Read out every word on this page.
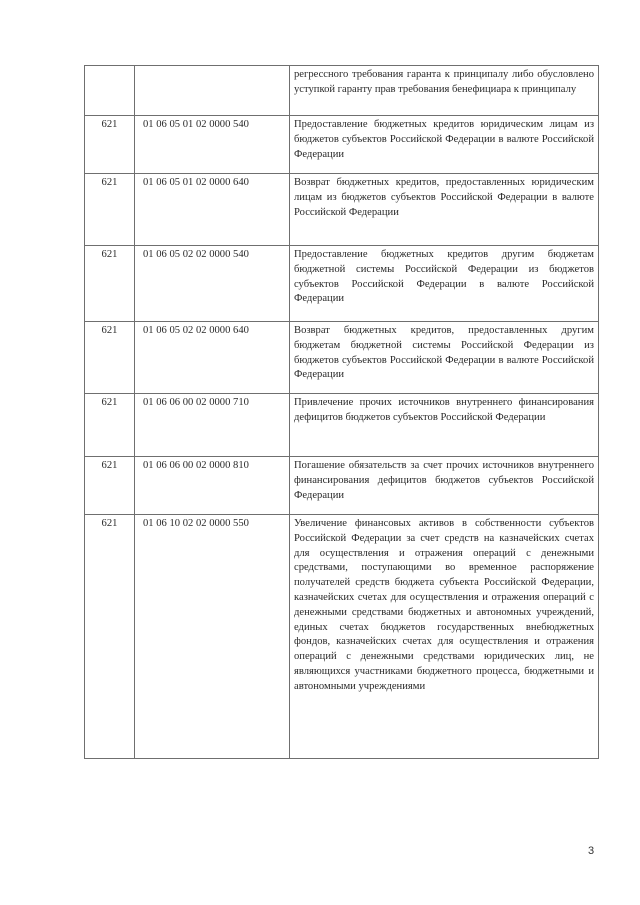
		регрессного требования гаранта к принципалу либо обусловлено уступкой гаранту прав требования бенефициара к принципалу
621	01 06 05 01 02 0000 540	Предоставление бюджетных кредитов юридическим лицам из бюджетов субъектов Российской Федерации в валюте Российской Федерации
621	01 06 05 01 02 0000 640	Возврат бюджетных кредитов, предоставленных юридическим лицам из бюджетов субъектов Российской Федерации в валюте Российской Федерации
621	01 06 05 02 02 0000 540	Предоставление бюджетных кредитов другим бюджетам бюджетной системы Российской Федерации из бюджетов субъектов Российской Федерации в валюте Российской Федерации
621	01 06 05 02 02 0000 640	Возврат бюджетных кредитов, предоставленных другим бюджетам бюджетной системы Российской Федерации из бюджетов субъектов Российской Федерации в валюте Российской Федерации
621	01 06 06 00 02 0000 710	Привлечение прочих источников внутреннего финансирования дефицитов бюджетов субъектов Российской Федерации
621	01 06 06 00 02 0000 810	Погашение обязательств за счет прочих источников внутреннего финансирования дефицитов бюджетов субъектов Российской Федерации
621	01 06 10 02 02 0000 550	Увеличение финансовых активов в собственности субъектов Российской Федерации за счет средств на казначейских счетах для осуществления и отражения операций с денежными средствами, поступающими во временное распоряжение получателей средств бюджета субъекта Российской Федерации, казначейских счетах для осуществления и отражения операций с денежными средствами бюджетных и автономных учреждений, единых счетах бюджетов государственных внебюджетных фондов, казначейских счетах для осуществления и отражения операций с денежными средствами юридических лиц, не являющихся участниками бюджетного процесса, бюджетными и автономными учреждениями
3
